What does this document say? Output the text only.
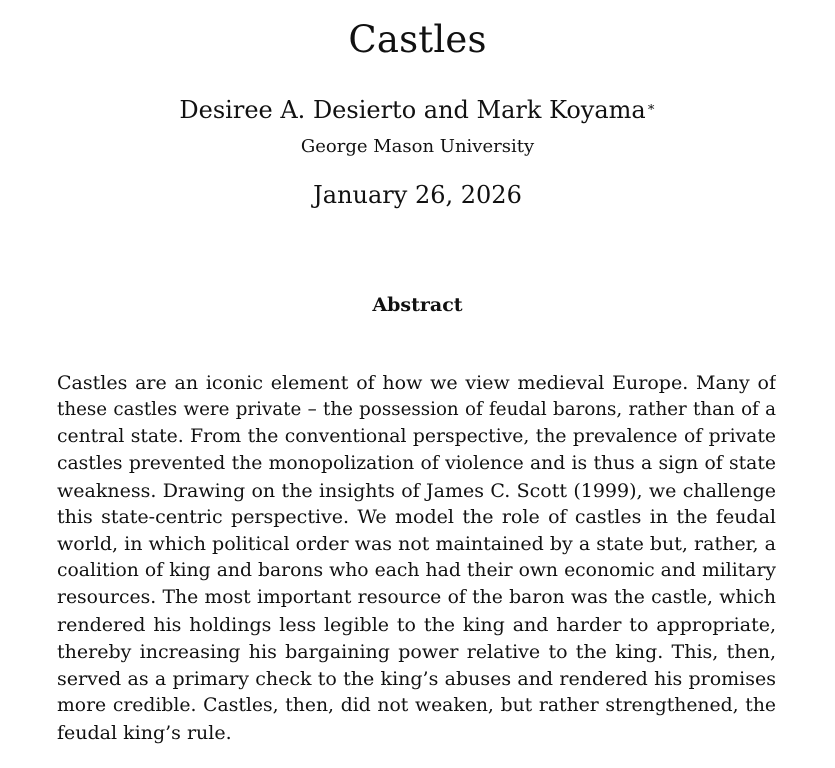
Castles
Desiree A. Desierto and Mark Koyama∗
George Mason University
January 26, 2026
Abstract
Castles are an iconic element of how we view medieval Europe. Many of
these castles were private – the possession of feudal barons, rather than of a
central state. From the conventional perspective, the prevalence of private
castles prevented the monopolization of violence and is thus a sign of state
weakness. Drawing on the insights of James C. Scott (1999), we challenge
this state-centric perspective. We model the role of castles in the feudal
world, in which political order was not maintained by a state but, rather, a
coalition of king and barons who each had their own economic and military
resources. The most important resource of the baron was the castle, which
rendered his holdings less legible to the king and harder to appropriate,
thereby increasing his bargaining power relative to the king. This, then,
served as a primary check to the king’s abuses and rendered his promises
more credible. Castles, then, did not weaken, but rather strengthened, the
feudal king’s rule.
